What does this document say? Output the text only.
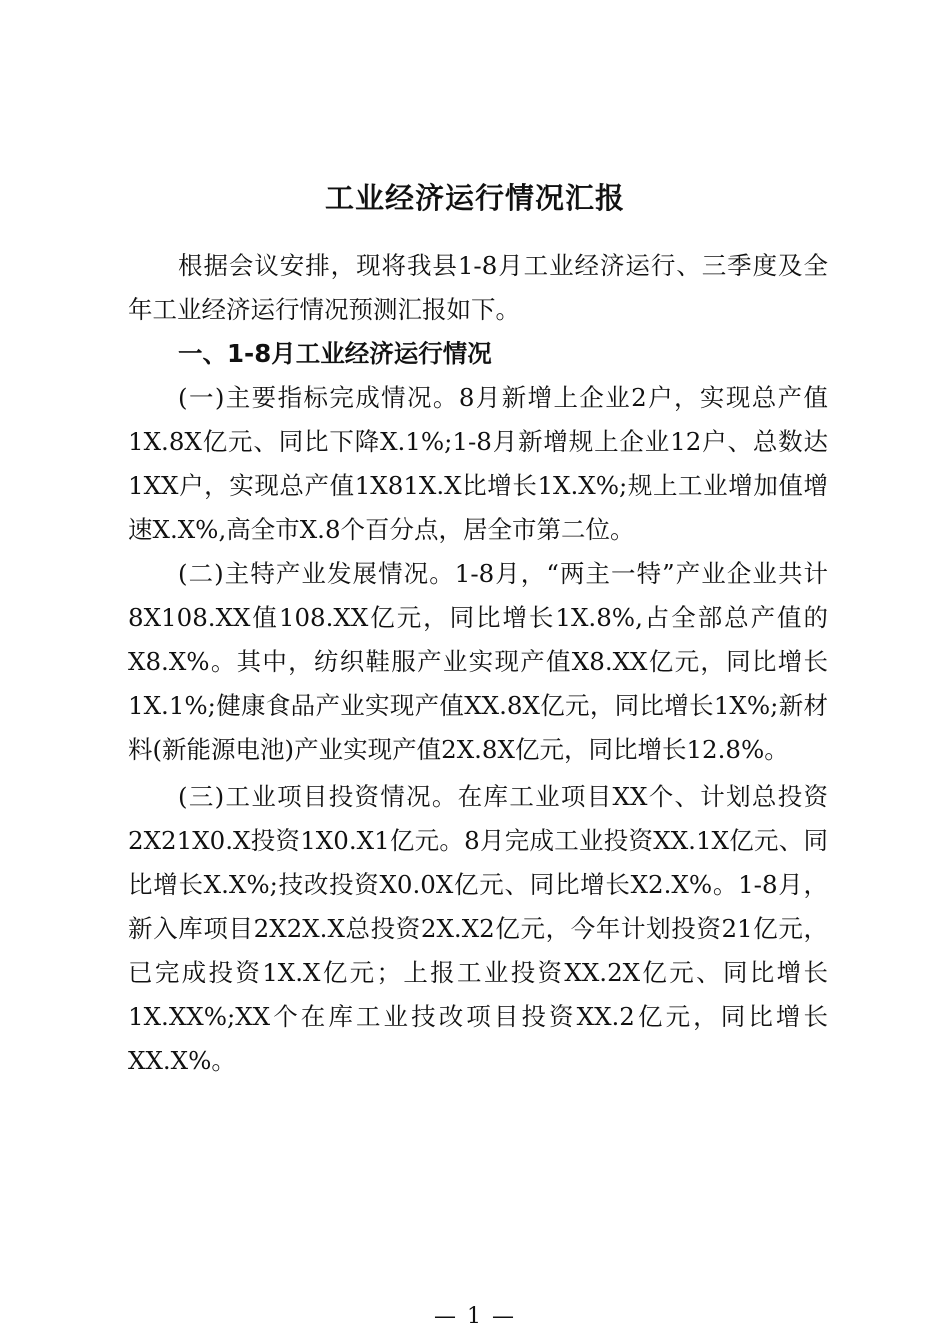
工业经济运行情况汇报

根据会议安排，现将我县1-8月工业经济运行、三季度及全年工业经济运行情况预测汇报如下。

一、1-8月工业经济运行情况

(一)主要指标完成情况。8月新增上企业2户，实现总产值1X.8X亿元、同比下降X.1%;1-8月新增规上企业12户、总数达1XX户，实现总产值1X81X.X比增长1X.X%;规上工业增加值增速X.X%,高全市X.8个百分点，居全市第二位。

(二)主特产业发展情况。1-8月，“两主一特”产业企业共计8X108.XX值108.XX亿元，同比增长1X.8%,占全部总产值的X8.X%。其中，纺织鞋服产业实现产值X8.XX亿元，同比增长1X.1%;健康食品产业实现产值XX.8X亿元，同比增长1X%;新材料(新能源电池)产业实现产值2X.8X亿元，同比增长12.8%。

(三)工业项目投资情况。在库工业项目XX个、计划总投资2X21X0.X投资1X0.X1亿元。8月完成工业投资XX.1X亿元、同比增长X.X%;技改投资X0.0X亿元、同比增长X2.X%。1-8月，新入库项目2X2X.X总投资2X.X2亿元，今年计划投资21亿元，已完成投资1X.X亿元；上报工业投资XX.2X亿元、同比增长1X.XX%;XX个在库工业技改项目投资XX.2亿元，同比增长XX.X%。

— 1 —
